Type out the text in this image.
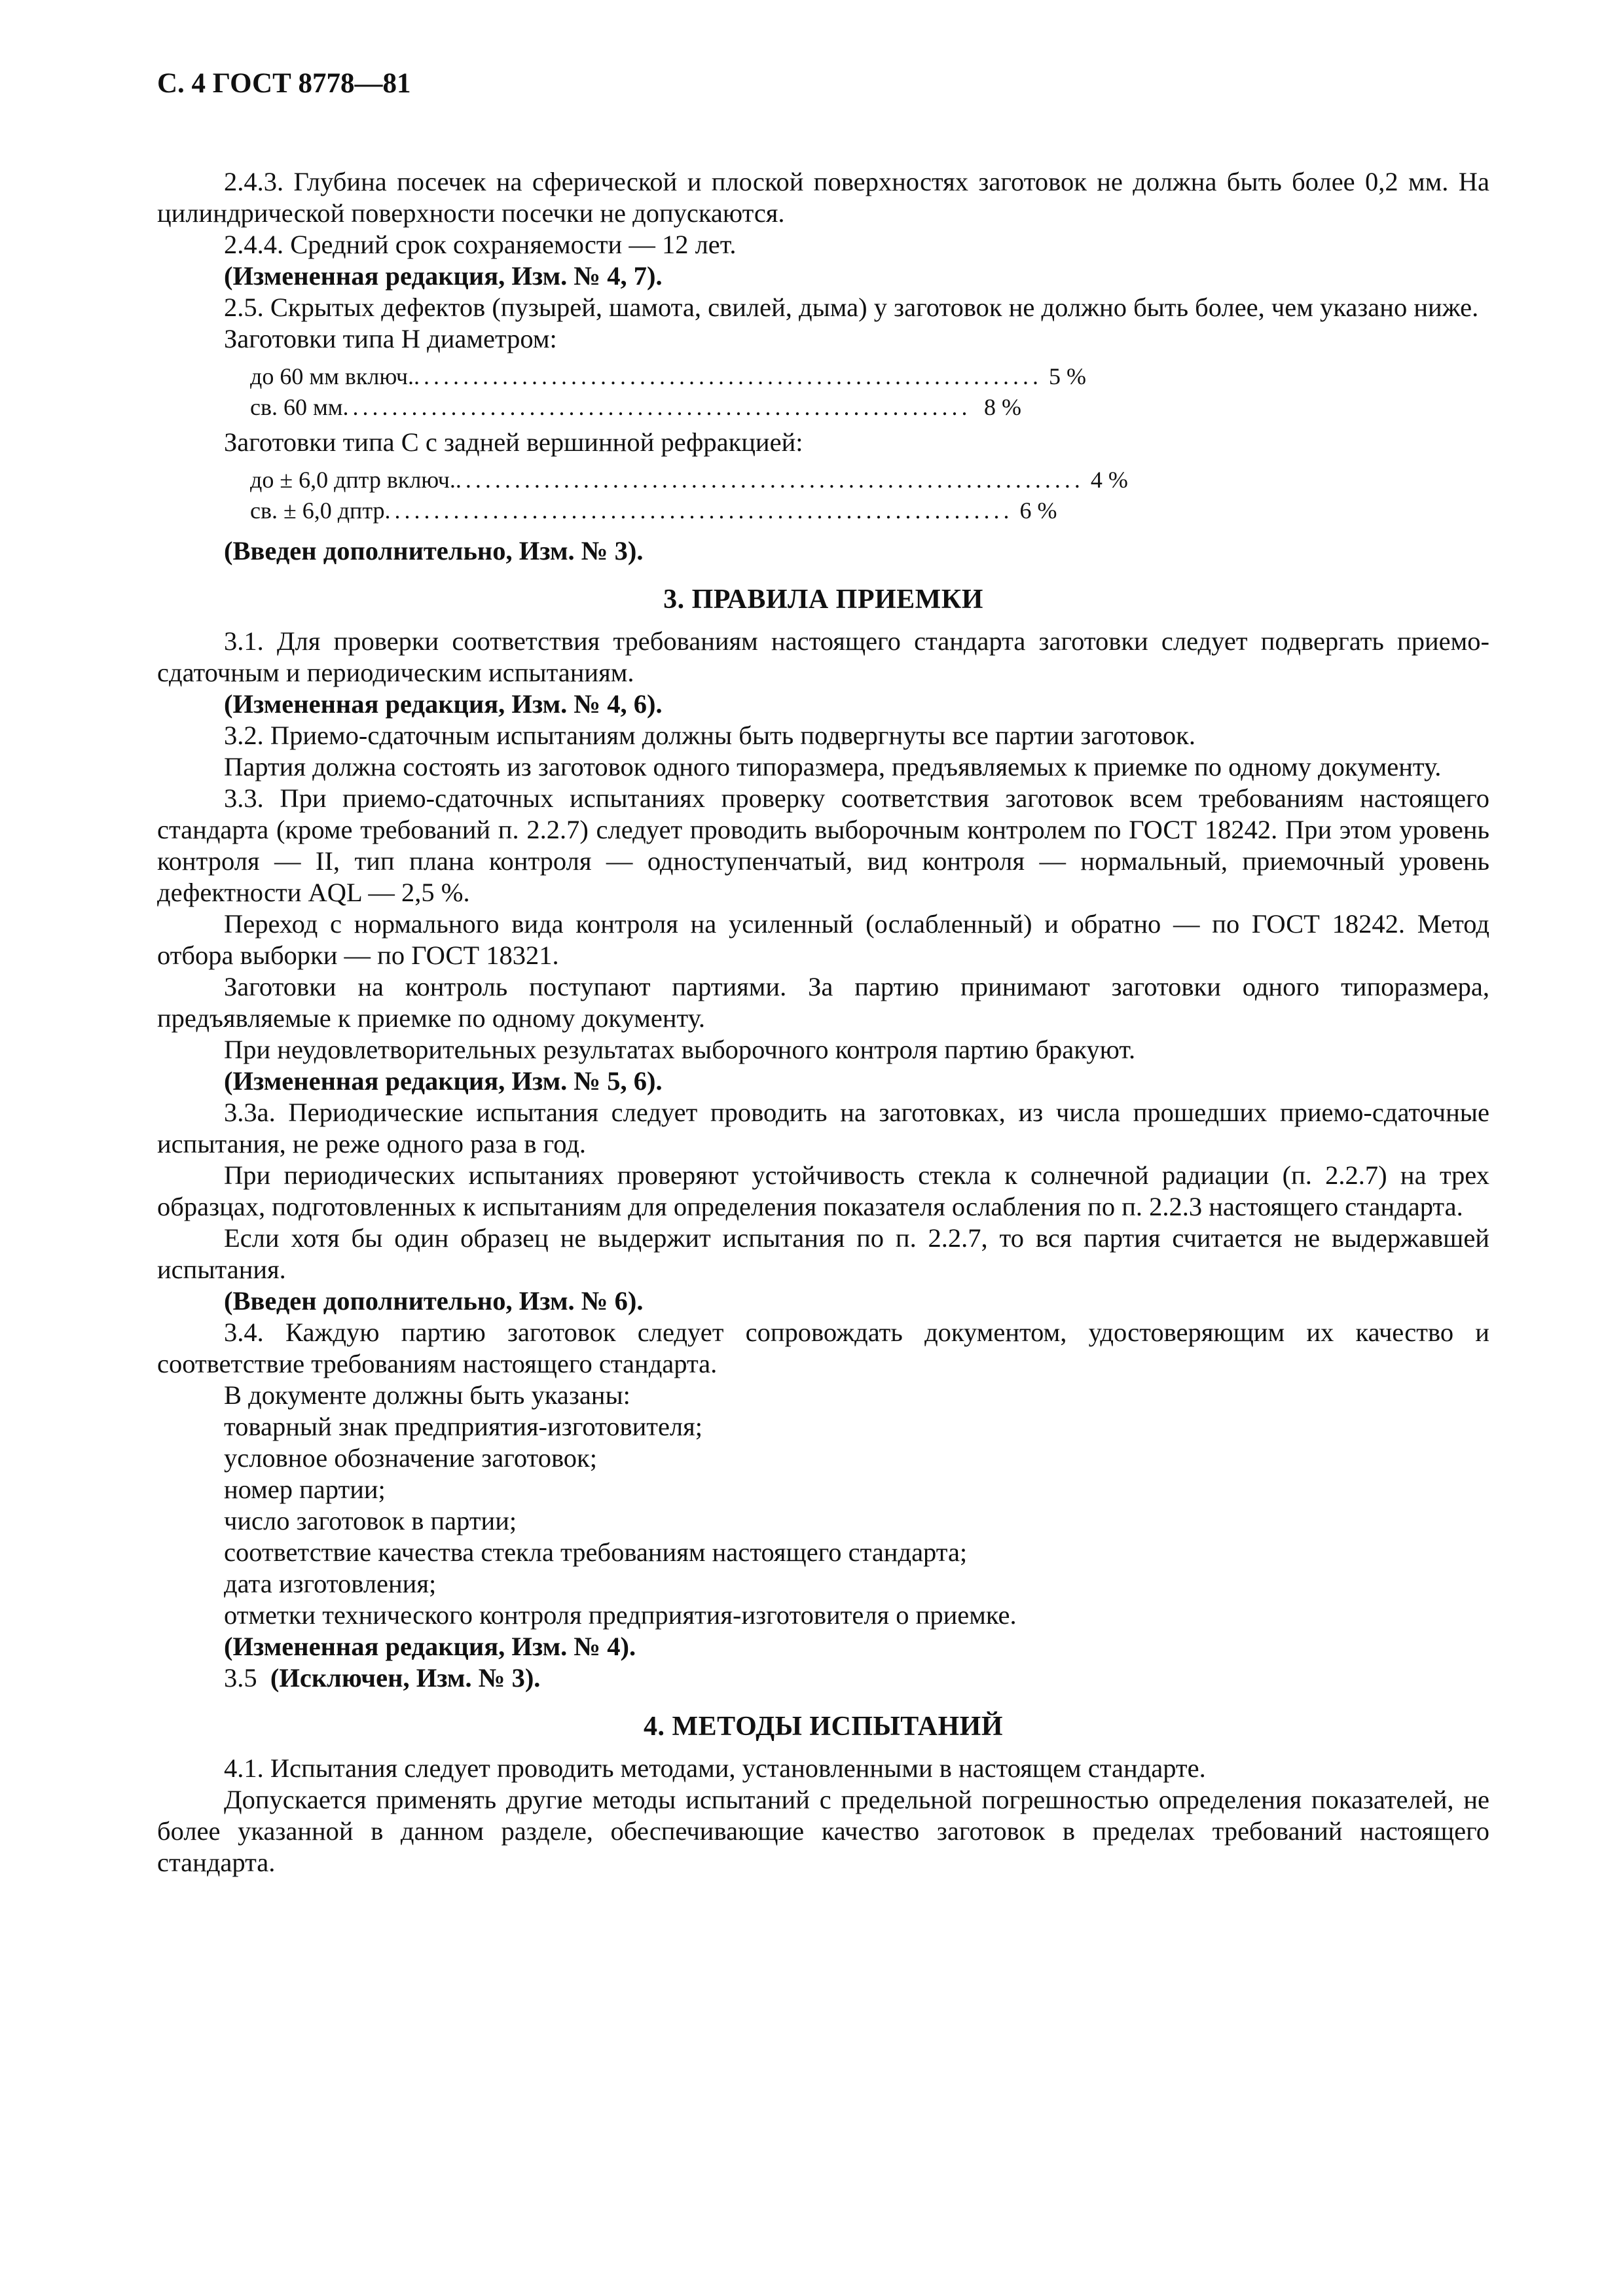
С. 4 ГОСТ 8778—81

2.4.3. Глубина посечек на сферической и плоской поверхностях заготовок не должна быть более 0,2 мм. На цилиндрической поверхности посечки не допускаются.

2.4.4. Средний срок сохраняемости — 12 лет.

(Измененная редакция, Изм. № 4, 7).

2.5. Скрытых дефектов (пузырей, шамота, свилей, дыма) у заготовок не должно быть более, чем указано ниже.

Заготовки типа Н диаметром:

до 60 мм включ. ................................................................ 5 %
св. 60 мм ................................................................ 8 %

Заготовки типа С с задней вершинной рефракцией:

до ± 6,0 дптр включ. ................................................................ 4 %
св. ± 6,0 дптр ................................................................ 6 %

(Введен дополнительно, Изм. № 3).

3. ПРАВИЛА ПРИЕМКИ

3.1. Для проверки соответствия требованиям настоящего стандарта заготовки следует подвергать приемо-сдаточным и периодическим испытаниям.

(Измененная редакция, Изм. № 4, 6).

3.2. Приемо-сдаточным испытаниям должны быть подвергнуты все партии заготовок.

Партия должна состоять из заготовок одного типоразмера, предъявляемых к приемке по одному документу.

3.3. При приемо-сдаточных испытаниях проверку соответствия заготовок всем требованиям настоящего стандарта (кроме требований п. 2.2.7) следует проводить выборочным контролем по ГОСТ 18242. При этом уровень контроля — II, тип плана контроля — одноступенчатый, вид контроля — нормальный, приемочный уровень дефектности AQL — 2,5 %.

Переход с нормального вида контроля на усиленный (ослабленный) и обратно — по ГОСТ 18242. Метод отбора выборки — по ГОСТ 18321.

Заготовки на контроль поступают партиями. За партию принимают заготовки одного типоразмера, предъявляемые к приемке по одному документу.

При неудовлетворительных результатах выборочного контроля партию бракуют.

(Измененная редакция, Изм. № 5, 6).

3.3а. Периодические испытания следует проводить на заготовках, из числа прошедших приемо-сдаточные испытания, не реже одного раза в год.

При периодических испытаниях проверяют устойчивость стекла к солнечной радиации (п. 2.2.7) на трех образцах, подготовленных к испытаниям для определения показателя ослабления по п. 2.2.3 настоящего стандарта.

Если хотя бы один образец не выдержит испытания по п. 2.2.7, то вся партия считается не выдержавшей испытания.

(Введен дополнительно, Изм. № 6).

3.4. Каждую партию заготовок следует сопровождать документом, удостоверяющим их качество и соответствие требованиям настоящего стандарта.

В документе должны быть указаны:

товарный знак предприятия-изготовителя;

условное обозначение заготовок;

номер партии;

число заготовок в партии;

соответствие качества стекла требованиям настоящего стандарта;

дата изготовления;

отметки технического контроля предприятия-изготовителя о приемке.

(Измененная редакция, Изм. № 4).

3.5 (Исключен, Изм. № 3).

4. МЕТОДЫ ИСПЫТАНИЙ

4.1. Испытания следует проводить методами, установленными в настоящем стандарте.

Допускается применять другие методы испытаний с предельной погрешностью определения показателей, не более указанной в данном разделе, обеспечивающие качество заготовок в пределах требований настоящего стандарта.
